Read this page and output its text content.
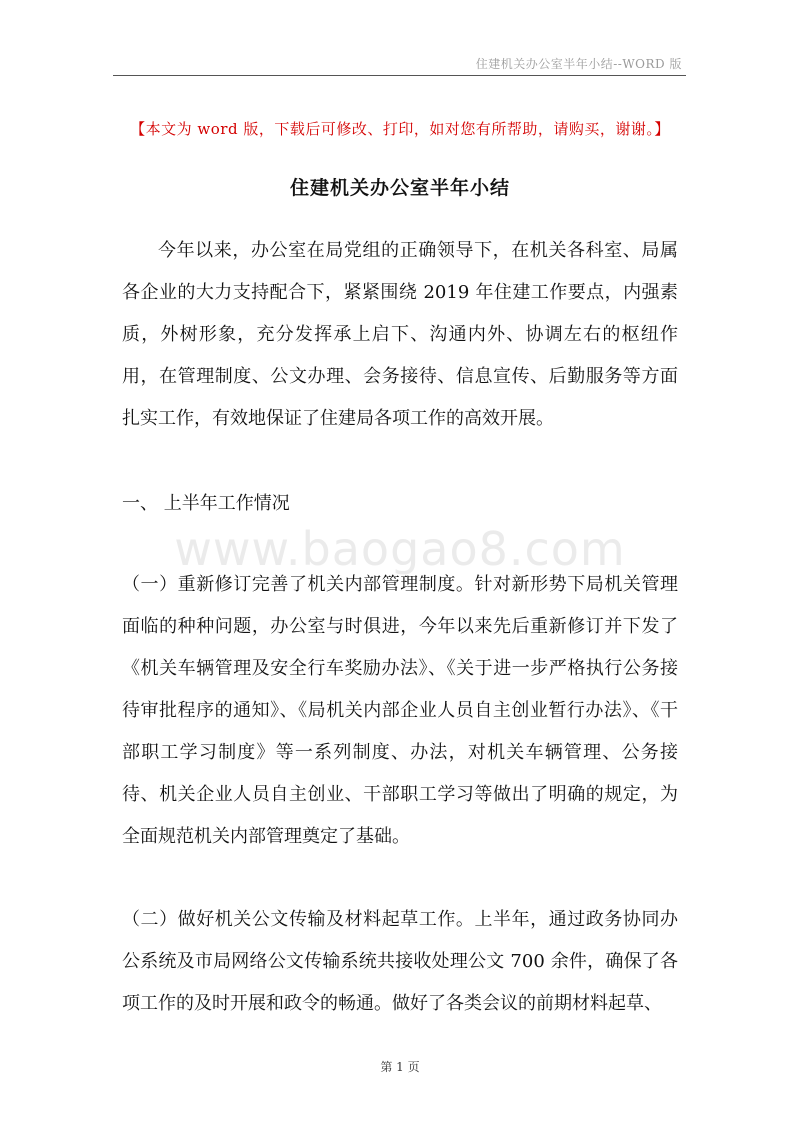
住建机关办公室半年小结--WORD 版
【本文为 word 版，下载后可修改、打印，如对您有所帮助，请购买，谢谢。】
住建机关办公室半年小结

今年以来，办公室在局党组的正确领导下，在机关各科室、局属各企业的大力支持配合下，紧紧围绕 2019 年住建工作要点，内强素质，外树形象，充分发挥承上启下、沟通内外、协调左右的枢纽作用，在管理制度、公文办理、会务接待、信息宣传、后勤服务等方面扎实工作，有效地保证了住建局各项工作的高效开展。

一、 上半年工作情况

www.baogao8.com

（一）重新修订完善了机关内部管理制度。针对新形势下局机关管理面临的种种问题，办公室与时俱进，今年以来先后重新修订并下发了《机关车辆管理及安全行车奖励办法》、《关于进一步严格执行公务接待审批程序的通知》、《局机关内部企业人员自主创业暂行办法》、《干部职工学习制度》等一系列制度、办法，对机关车辆管理、公务接待、机关企业人员自主创业、干部职工学习等做出了明确的规定，为全面规范机关内部管理奠定了基础。

（二）做好机关公文传输及材料起草工作。上半年，通过政务协同办公系统及市局网络公文传输系统共接收处理公文 700 余件，确保了各项工作的及时开展和政令的畅通。做好了各类会议的前期材料起草、

第 1 页
